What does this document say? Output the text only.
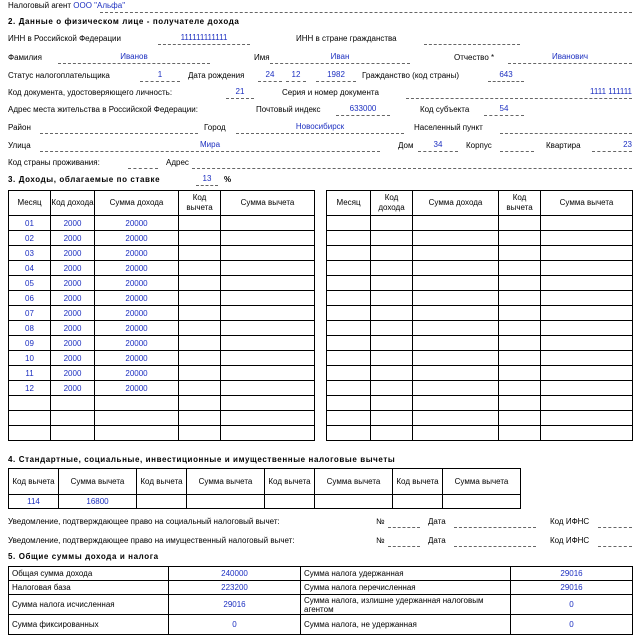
Налоговый агент ООО "Альфа"
2. Данные о физическом лице - получателе дохода
ИНН в Российской Федерации	111111111111	ИНН в стране гражданства
Фамилия	Иванов	Имя	Иван	Отчество *	Иванович
Статус налогоплательщика	1	Дата рождения	24	12	1982	Гражданство (код страны)	643
Код документа, удостоверяющего личность:	21	Серия и номер документа	1111 111111
Адрес места жительства в Российской Федерации:	Почтовый индекс	633000	Код субъекта	54
Район	Город	Новосибирск	Населенный пункт
Улица	Мира	Дом	34	Корпус	Квартира	23
Код страны проживания:	Адрес
3. Доходы, облагаемые по ставке	13	%
Месяц	Код дохода	Сумма дохода	Код вычета	Сумма вычета
01	2000	20000		
02	2000	20000		
03	2000	20000		
04	2000	20000		
05	2000	20000		
06	2000	20000		
07	2000	20000		
08	2000	20000		
09	2000	20000		
10	2000	20000		
11	2000	20000		
12	2000	20000		

Месяц	Код дохода	Сумма дохода	Код вычета	Сумма вычета

4. Стандартные, социальные, инвестиционные и имущественные налоговые вычеты
Код вычета	Сумма вычета	Код вычета	Сумма вычета	Код вычета	Сумма вычета	Код вычета	Сумма вычета
114	16800						
Уведомление, подтверждающее право на социальный налоговый вычет:	№	Дата	Код ИФНС
Уведомление, подтверждающее право на имущественный налоговый вычет:	№	Дата	Код ИФНС
5. Общие суммы дохода и налога
Общая сумма дохода	240000	Сумма налога удержанная	29016
Налоговая база	223200	Сумма налога перечисленная	29016
Сумма налога исчисленная	29016	Сумма налога, излишне удержанная налоговым агентом	0
Сумма фиксированных	0	Сумма налога, не удержанная	0
